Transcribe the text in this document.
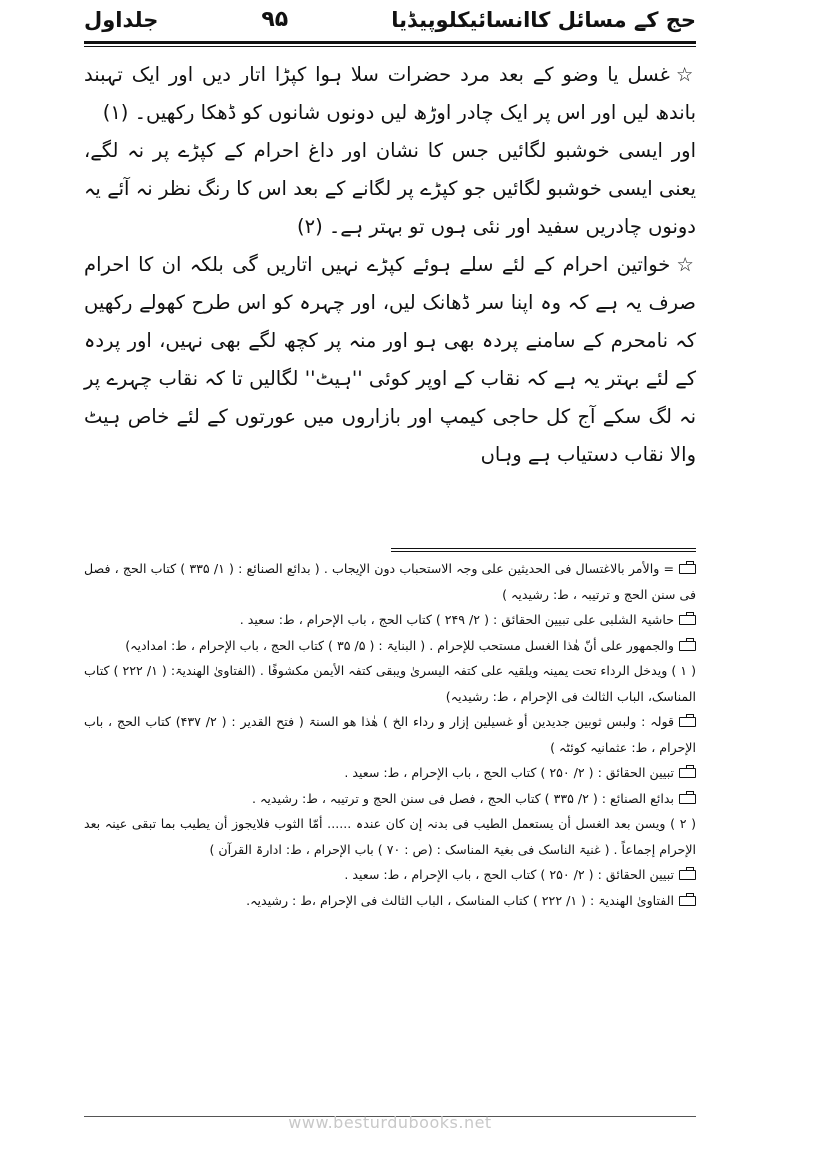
حج کے مسائل کاانسائیکلوپیڈیا
۹۵
جلداول

☆غسل یا وضو کے بعد مرد حضرات سلا ہوا کپڑا اتار دیں اور ایک تہبند باندھ لیں اور اس پر ایک چادر اوڑھ لیں دونوں شانوں کو ڈھکا رکھیں۔ (۱)

اور ایسی خوشبو لگائیں جس کا نشان اور داغ احرام کے کپڑے پر نہ لگے، یعنی ایسی خوشبو لگائیں جو کپڑے پر لگانے کے بعد اس کا رنگ نظر نہ آئے یہ دونوں چادریں سفید اور نئی ہوں تو بہتر ہے۔ (۲)

☆خواتین احرام کے لئے سلے ہوئے کپڑے نہیں اتاریں گی بلکہ ان کا احرام صرف یہ ہے کہ وہ اپنا سر ڈھانک لیں، اور چہرہ کو اس طرح کھولے رکھیں کہ نامحرم کے سامنے پردہ بھی ہو اور منہ پر کچھ لگے بھی نہیں، اور پردہ کے لئے بہتر یہ ہے کہ نقاب کے اوپر کوئی ''ہیٹ'' لگالیں تا کہ نقاب چہرے پر نہ لگ سکے آج کل حاجی کیمپ اور بازاروں میں عورتوں کے لئے خاص ہیٹ والا نقاب دستیاب ہے وہاں

= والأمر بالاغتسال فی الحدیثین علی وجہ الاستحباب دون الإیجاب . ( بدائع الصنائع : ( ۱/ ۳۳۵ ) کتاب الحج ، فصل فی سنن الحج و ترتیبہ ، ط: رشیدیہ )

حاشیۃ الشلبی علی تبیین الحقائق : ( ۲/ ۲۴۹ ) کتاب الحج ، باب الإحرام ، ط: سعید .

والجمھور علی أنّ ھٰذا الغسل مستحب للإحرام . ( البنایۃ : ( ۵/ ۳۵ ) کتاب الحج ، باب الإحرام ، ط: امدادیہ)

( ۱ ) ویدخل الرداء تحت یمینہ ویلقیہ علی کتفہ الیسریٰ ویبقی کتفہ الأیمن مکشوفًا . (الفتاویٰ الھندیۃ: ( ۱/ ۲۲۲ ) کتاب المناسک، الباب الثالث فی الإحرام ، ط: رشیدیہ)

قولہ : ولبس ثوبین جدیدین أو غسیلین إزار و رداء الخ ) ھٰذا ھو السنۃ ( فتح القدیر : ( ۲/ ۴۳۷) کتاب الحج ، باب الإحرام ، ط: عثمانیہ کوئٹہ )

تبیین الحقائق : ( ۲/ ۲۵۰ ) کتاب الحج ، باب الإحرام ، ط: سعید .

بدائع الصنائع : ( ۲/ ۳۳۵ ) کتاب الحج ، فصل فی سنن الحج و ترتیبہ ، ط: رشیدیہ .

( ۲ ) ویسن بعد الغسل أن یستعمل الطیب فی بدنہ إن کان عندہ ...... أمّا الثوب فلایجوز أن یطیب بما تبقی عینہ بعد الإحرام إجماعاً . ( غنیۃ الناسک فی بغیۃ المناسک : (ص : ۷۰ ) باب الإحرام ، ط: ادارۃ القرآن )

تبیین الحقائق : ( ۲/ ۲۵۰ ) کتاب الحج ، باب الإحرام ، ط: سعید .

الفتاویٰ الھندیۃ : ( ۱/ ۲۲۲ ) کتاب المناسک ، الباب الثالث فی الإحرام ،ط : رشیدیہ.

www.besturdubooks.net
